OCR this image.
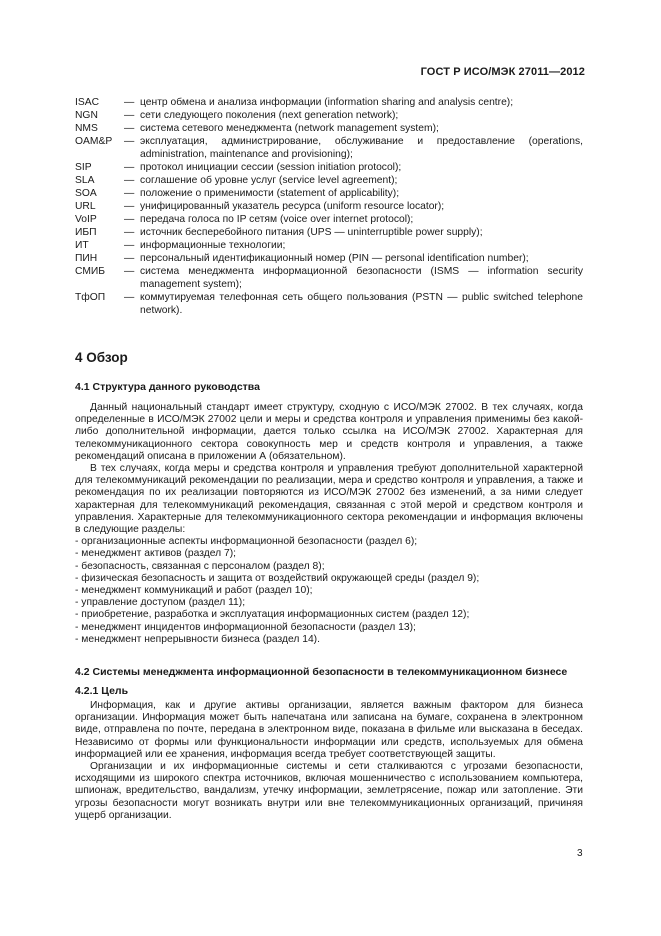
ГОСТ Р ИСО/МЭК 27011—2012
ISAC	— центр обмена и анализа информации (information sharing and analysis centre);
NGN	— сети следующего поколения (next generation network);
NMS	— система сетевого менеджмента (network management system);
OAM&P	— эксплуатация, администрирование, обслуживание и предоставление (operations, administration, maintenance and provisioning);
SIP	— протокол инициации сессии (session initiation protocol);
SLA	— соглашение об уровне услуг (service level agreement);
SOA	— положение о применимости (statement of applicability);
URL	— унифицированный указатель ресурса (uniform resource locator);
VoIP	— передача голоса по IP сетям (voice over internet protocol);
ИБП	— источник бесперебойного питания (UPS — uninterruptible power supply);
ИТ	— информационные технологии;
ПИН	— персональный идентификационный номер (PIN — personal identification number);
СМИБ	— система менеджмента информационной безопасности (ISMS — information security management system);
ТфОП	— коммутируемая телефонная сеть общего пользования (PSTN — public switched telephone network).
4 Обзор

4.1 Структура данного руководства

Данный национальный стандарт имеет структуру, сходную с ИСО/МЭК 27002. В тех случаях, когда определенные в ИСО/МЭК 27002 цели и меры и средства контроля и управления применимы без какой-либо дополнительной информации, дается только ссылка на ИСО/МЭК 27002. Характерная для телекоммуникационного сектора совокупность мер и средств контроля и управления, а также рекомендаций описана в приложении А (обязательном).

В тех случаях, когда меры и средства контроля и управления требуют дополнительной характерной для телекоммуникаций рекомендации по реализации, мера и средство контроля и управления, а также и рекомендация по их реализации повторяются из ИСО/МЭК 27002 без изменений, а за ними следует характерная для телекоммуникаций рекомендация, связанная с этой мерой и средством контроля и управления. Характерные для телекоммуникационного сектора рекомендации и информация включены в следующие разделы:

- организационные аспекты информационной безопасности (раздел 6);

- менеджмент активов (раздел 7);

- безопасность, связанная с персоналом (раздел 8);

- физическая безопасность и защита от воздействий окружающей среды (раздел 9);

- менеджмент коммуникаций и работ (раздел 10);

- управление доступом (раздел 11);

- приобретение, разработка и эксплуатация информационных систем (раздел 12);

- менеджмент инцидентов информационной безопасности (раздел 13);

- менеджмент непрерывности бизнеса (раздел 14).

4.2 Системы менеджмента информационной безопасности в телекоммуникационном бизнесе

4.2.1 Цель

Информация, как и другие активы организации, является важным фактором для бизнеса организации. Информация может быть напечатана или записана на бумаге, сохранена в электронном виде, отправлена по почте, передана в электронном виде, показана в фильме или высказана в беседах. Независимо от формы или функциональности информации или средств, используемых для обмена информацией или ее хранения, информация всегда требует соответствующей защиты.

Организации и их информационные системы и сети сталкиваются с угрозами безопасности, исходящими из широкого спектра источников, включая мошенничество с использованием компьютера, шпионаж, вредительство, вандализм, утечку информации, землетрясение, пожар или затопление. Эти угрозы безопасности могут возникать внутри или вне телекоммуникационных организаций, причиняя ущерб организации.

3
